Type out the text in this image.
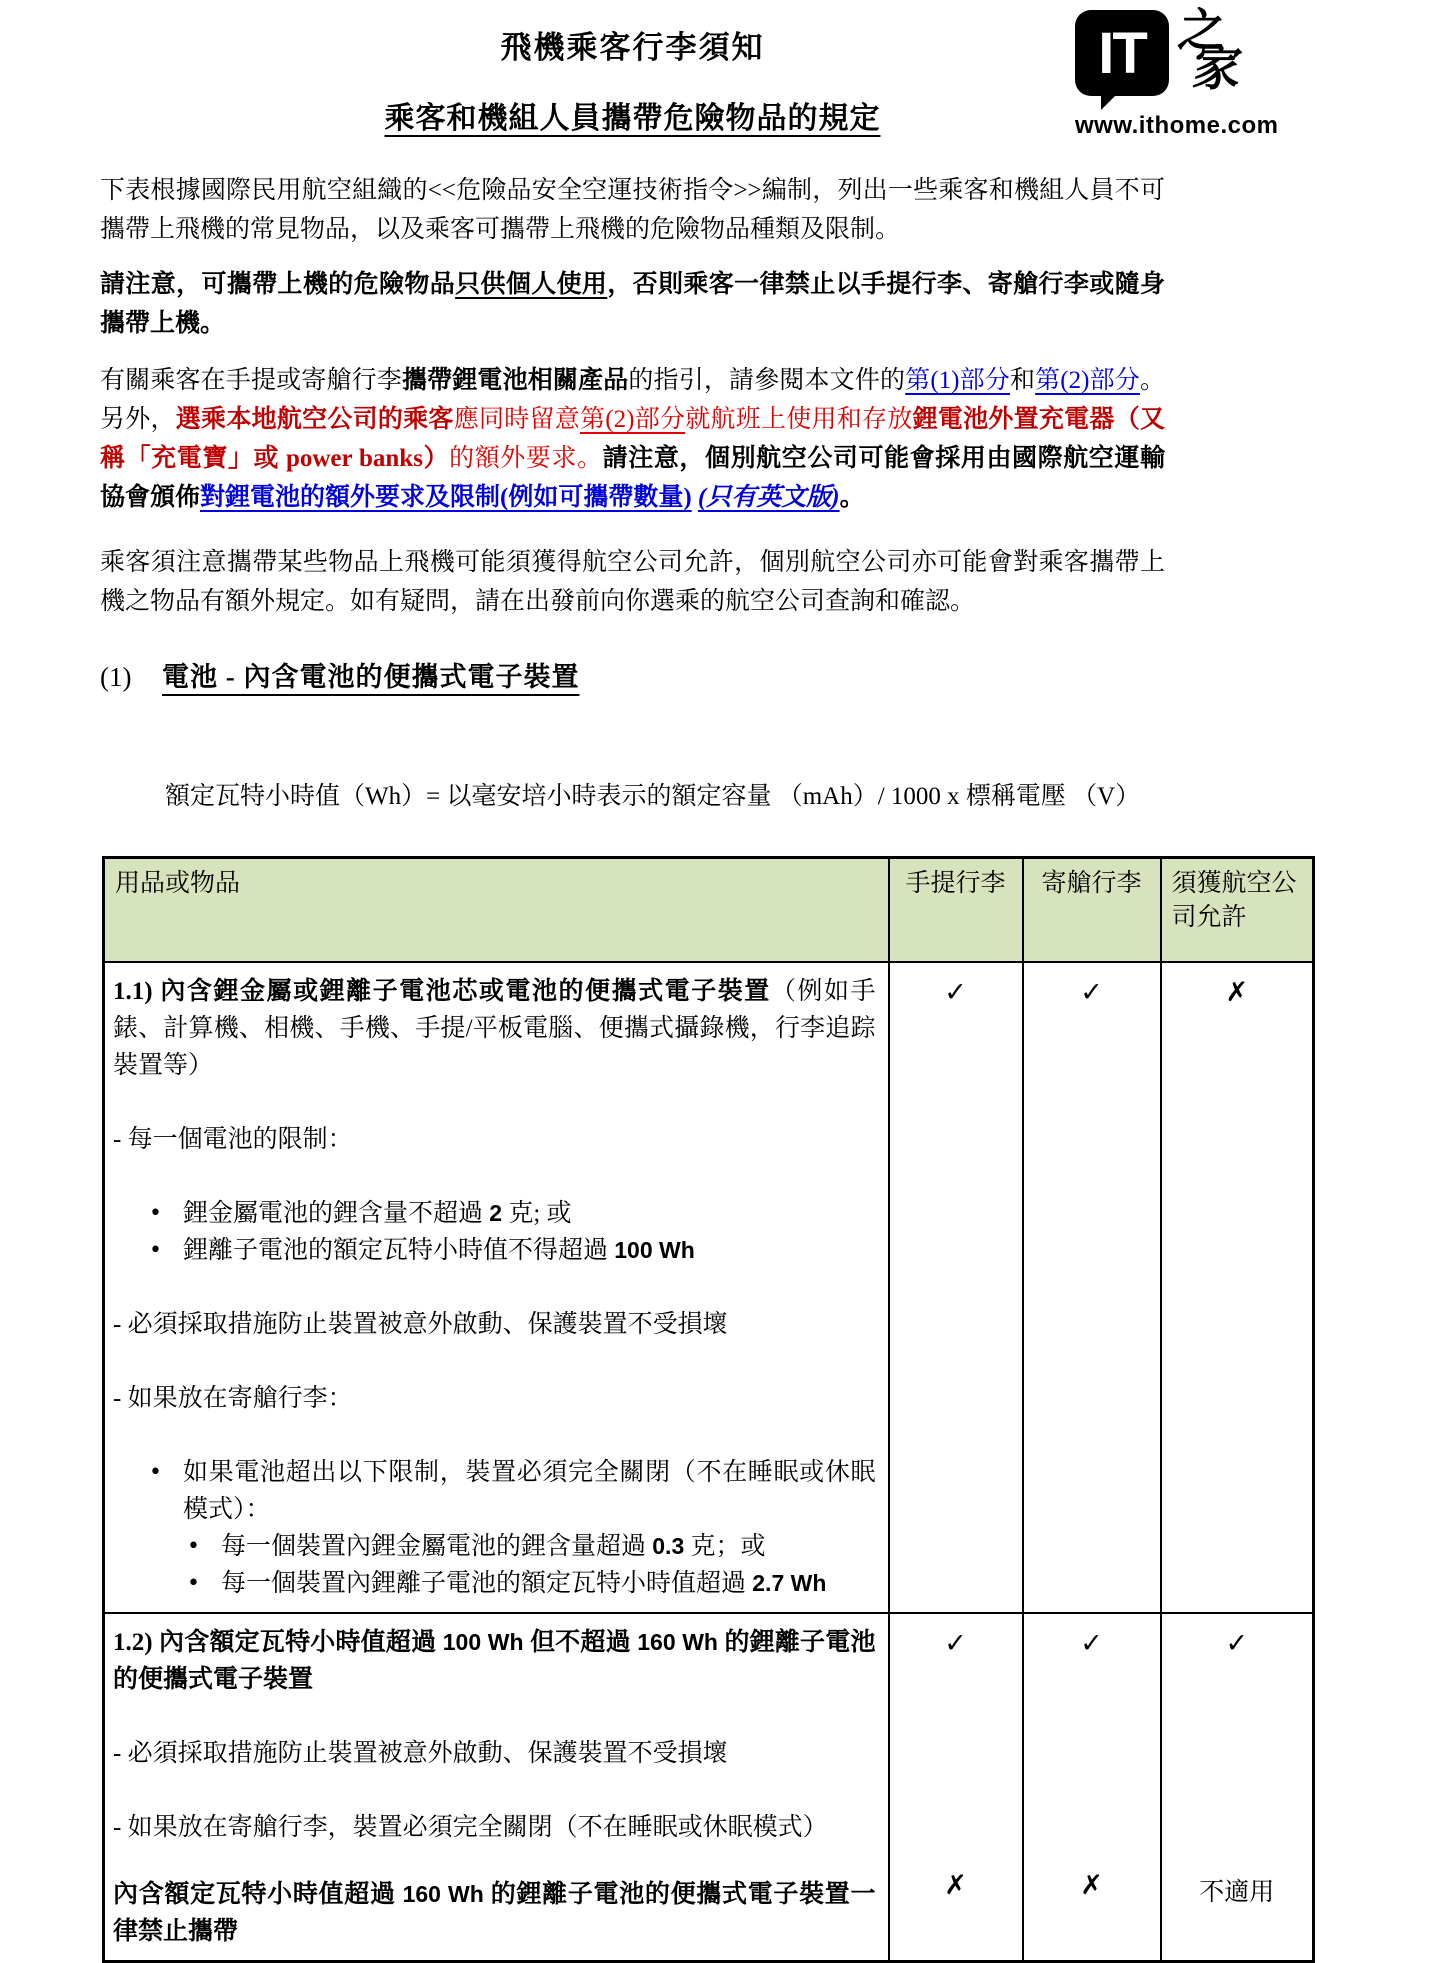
IT 之
家
www.ithome.com
飛機乘客行李須知
乘客和機組人員攜帶危險物品的規定
下表根據國際民用航空組織的<<危險品安全空運技術指令>>編制，列出一些乘客和機組人員不可攜帶上飛機的常見物品，以及乘客可攜帶上飛機的危險物品種類及限制。
請注意，可攜帶上機的危險物品只供個人使用，否則乘客一律禁止以手提行李、寄艙行李或隨身攜帶上機。
有關乘客在手提或寄艙行李攜帶鋰電池相關產品的指引，請參閱本文件的第(1)部分和第(2)部分。另外，選乘本地航空公司的乘客應同時留意第(2)部分就航班上使用和存放鋰電池外置充電器（又稱「充電寶」或 power banks）的額外要求。請注意，個別航空公司可能會採用由國際航空運輸協會頒佈對鋰電池的額外要求及限制(例如可攜帶數量) (只有英文版)。
乘客須注意攜帶某些物品上飛機可能須獲得航空公司允許，個別航空公司亦可能會對乘客攜帶上機之物品有額外規定。如有疑問，請在出發前向你選乘的航空公司查詢和確認。
(1)	電池 - 內含電池的便攜式電子裝置
額定瓦特小時值（Wh）= 以毫安培小時表示的額定容量 （mAh）/ 1000 x 標稱電壓 （V）
用品或物品	手提行李	寄艙行李	須獲航空公司允許

1.1) 內含鋰金屬或鋰離子電池芯或電池的便攜式電子裝置（例如手錶、計算機、相機、手機、手提/平板電腦、便攜式攝錄機，行李追踪裝置等）
- 每一個電池的限制：
• 鋰金屬電池的鋰含量不超過 2 克; 或
• 鋰離子電池的額定瓦特小時值不得超過 100 Wh
- 必須採取措施防止裝置被意外啟動、保護裝置不受損壞
- 如果放在寄艙行李：
• 如果電池超出以下限制，裝置必須完全關閉（不在睡眠或休眠模式）：
• 每一個裝置內鋰金屬電池的鋰含量超過 0.3 克；或
• 每一個裝置內鋰離子電池的額定瓦特小時值超過 2.7 Wh
	✓	✓	✗

1.2) 內含額定瓦特小時值超過 100 Wh 但不超過 160 Wh 的鋰離子電池的便攜式電子裝置
- 必須採取措施防止裝置被意外啟動、保護裝置不受損壞
- 如果放在寄艙行李，裝置必須完全關閉（不在睡眠或休眠模式）	✓	✓	✓

內含額定瓦特小時值超過 160 Wh 的鋰離子電池的便攜式電子裝置一律禁止攜帶	✗	✗	不適用
